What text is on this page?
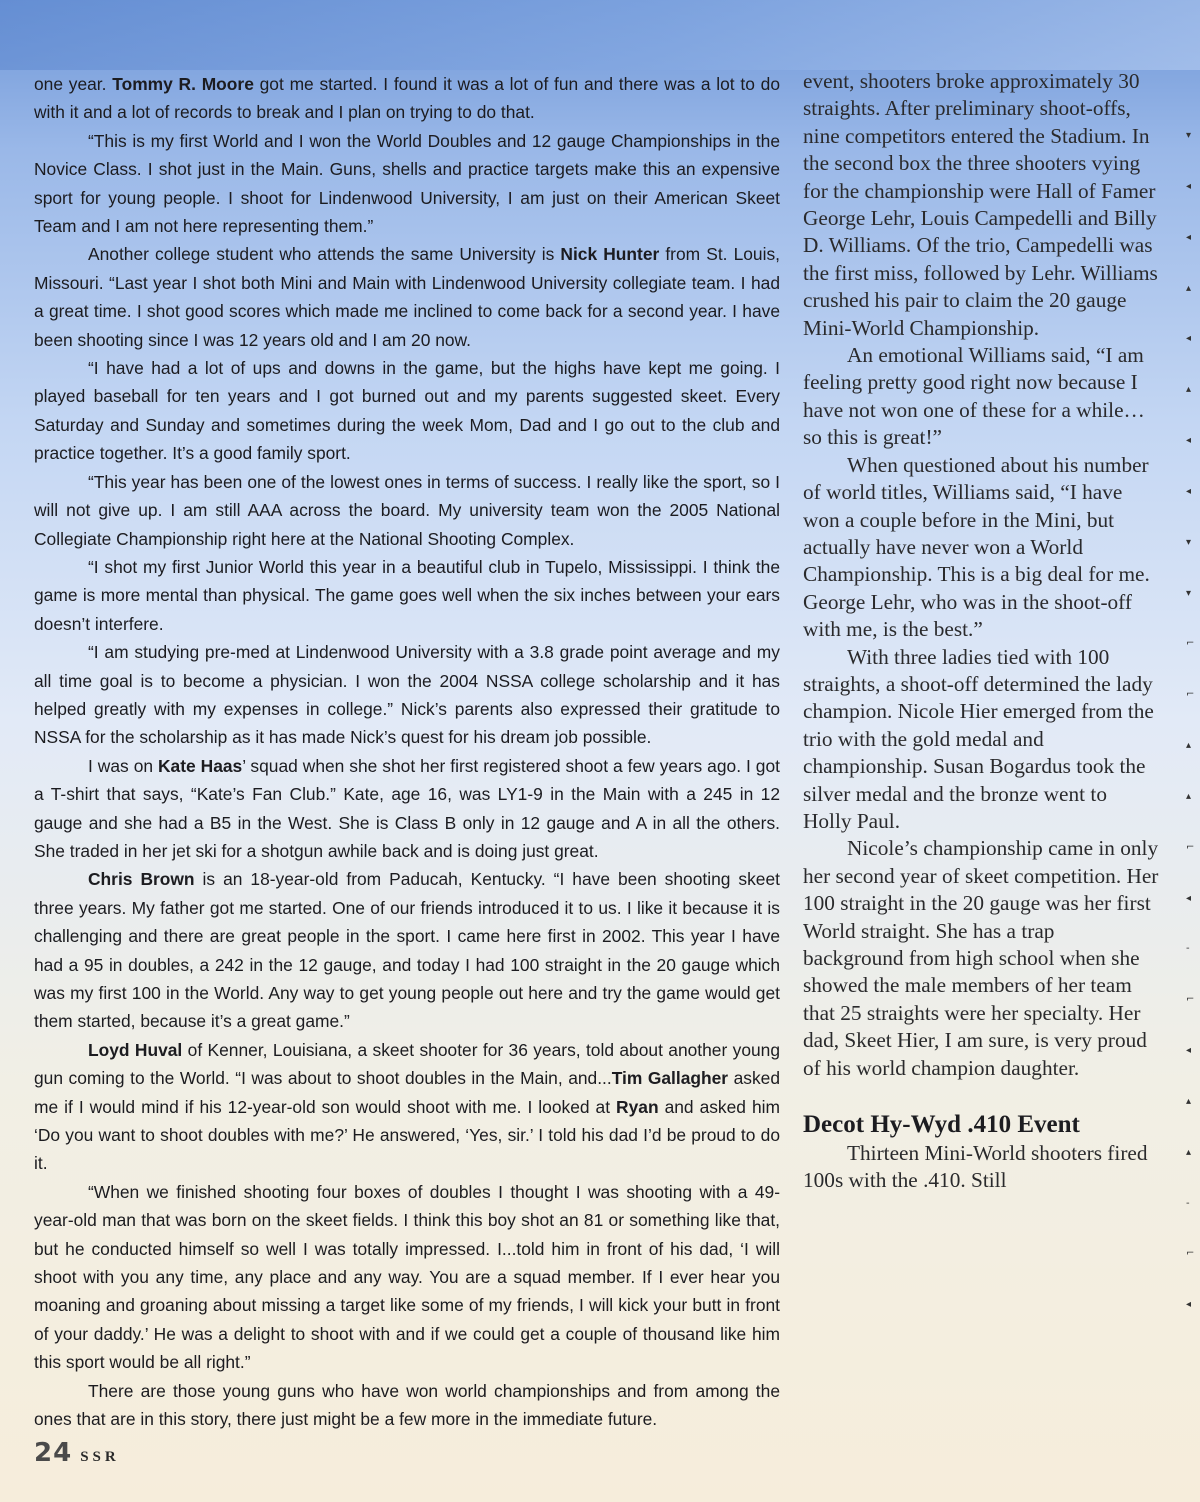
one year. Tommy R. Moore got me started. I found it was a lot of fun and there was a lot to do with it and a lot of records to break and I plan on trying to do that.

“This is my first World and I won the World Doubles and 12 gauge Championships in the Novice Class. I shot just in the Main. Guns, shells and practice targets make this an expensive sport for young people. I shoot for Lindenwood University, I am just on their American Skeet Team and I am not here representing them.”

Another college student who attends the same University is Nick Hunter from St. Louis, Missouri. “Last year I shot both Mini and Main with Lindenwood University collegiate team. I had a great time. I shot good scores which made me inclined to come back for a second year. I have been shooting since I was 12 years old and I am 20 now.

“I have had a lot of ups and downs in the game, but the highs have kept me going. I played baseball for ten years and I got burned out and my parents suggested skeet. Every Saturday and Sunday and sometimes during the week Mom, Dad and I go out to the club and practice together. It’s a good family sport.

“This year has been one of the lowest ones in terms of success. I really like the sport, so I will not give up. I am still AAA across the board. My university team won the 2005 National Collegiate Championship right here at the National Shooting Complex.

“I shot my first Junior World this year in a beautiful club in Tupelo, Mississippi. I think the game is more mental than physical. The game goes well when the six inches between your ears doesn’t interfere.

“I am studying pre-med at Lindenwood University with a 3.8 grade point average and my all time goal is to become a physician. I won the 2004 NSSA college scholarship and it has helped greatly with my expenses in college.” Nick’s parents also expressed their gratitude to NSSA for the scholarship as it has made Nick’s quest for his dream job possible.

I was on Kate Haas’ squad when she shot her first registered shoot a few years ago. I got a T-shirt that says, “Kate’s Fan Club.” Kate, age 16, was LY1-9 in the Main with a 245 in 12 gauge and she had a B5 in the West. She is Class B only in 12 gauge and A in all the others. She traded in her jet ski for a shotgun awhile back and is doing just great.

Chris Brown is an 18-year-old from Paducah, Kentucky. “I have been shooting skeet three years. My father got me started. One of our friends introduced it to us. I like it because it is challenging and there are great people in the sport. I came here first in 2002. This year I have had a 95 in doubles, a 242 in the 12 gauge, and today I had 100 straight in the 20 gauge which was my first 100 in the World. Any way to get young people out here and try the game would get them started, because it’s a great game.”

Loyd Huval of Kenner, Louisiana, a skeet shooter for 36 years, told about another young gun coming to the World. “I was about to shoot doubles in the Main, and...Tim Gallagher asked me if I would mind if his 12-year-old son would shoot with me. I looked at Ryan and asked him ‘Do you want to shoot doubles with me?’ He answered, ‘Yes, sir.’ I told his dad I’d be proud to do it.

“When we finished shooting four boxes of doubles I thought I was shooting with a 49-year-old man that was born on the skeet fields. I think this boy shot an 81 or something like that, but he conducted himself so well I was totally impressed. I...told him in front of his dad, ‘I will shoot with you any time, any place and any way. You are a squad member. If I ever hear you moaning and groaning about missing a target like some of my friends, I will kick your butt in front of your daddy.’ He was a delight to shoot with and if we could get a couple of thousand like him this sport would be all right.”

There are those young guns who have won world championships and from among the ones that are in this story, there just might be a few more in the immediate future.

event, shooters broke approximately 30 straights. After preliminary shoot-offs, nine competitors entered the Stadium. In the second box the three shooters vying for the championship were Hall of Famer George Lehr, Louis Campedelli and Billy D. Williams. Of the trio, Campedelli was the first miss, followed by Lehr. Williams crushed his pair to claim the 20 gauge Mini-World Championship.

An emotional Williams said, “I am feeling pretty good right now because I have not won one of these for a while…so this is great!”

When questioned about his number of world titles, Williams said, “I have won a couple before in the Mini, but actually have never won a World Championship. This is a big deal for me. George Lehr, who was in the shoot-off with me, is the best.”

With three ladies tied with 100 straights, a shoot-off determined the lady champion. Nicole Hier emerged from the trio with the gold medal and championship. Susan Bogardus took the silver medal and the bronze went to Holly Paul.

Nicole’s championship came in only her second year of skeet competition. Her 100 straight in the 20 gauge was her first World straight. She has a trap background from high school when she showed the male members of her team that 25 straights were her specialty. Her dad, Skeet Hier, I am sure, is very proud of his world champion daughter.

Decot Hy-Wyd .410 Event

Thirteen Mini-World shooters fired 100s with the .410. Still

24 SSR
▾
◂
◂
▴
◂
▴
◂
◂
▾
▾
⌐
⌐
▴
▴
⌐
◂
-
⌐
◂
▴
▴
-
⌐
◂
